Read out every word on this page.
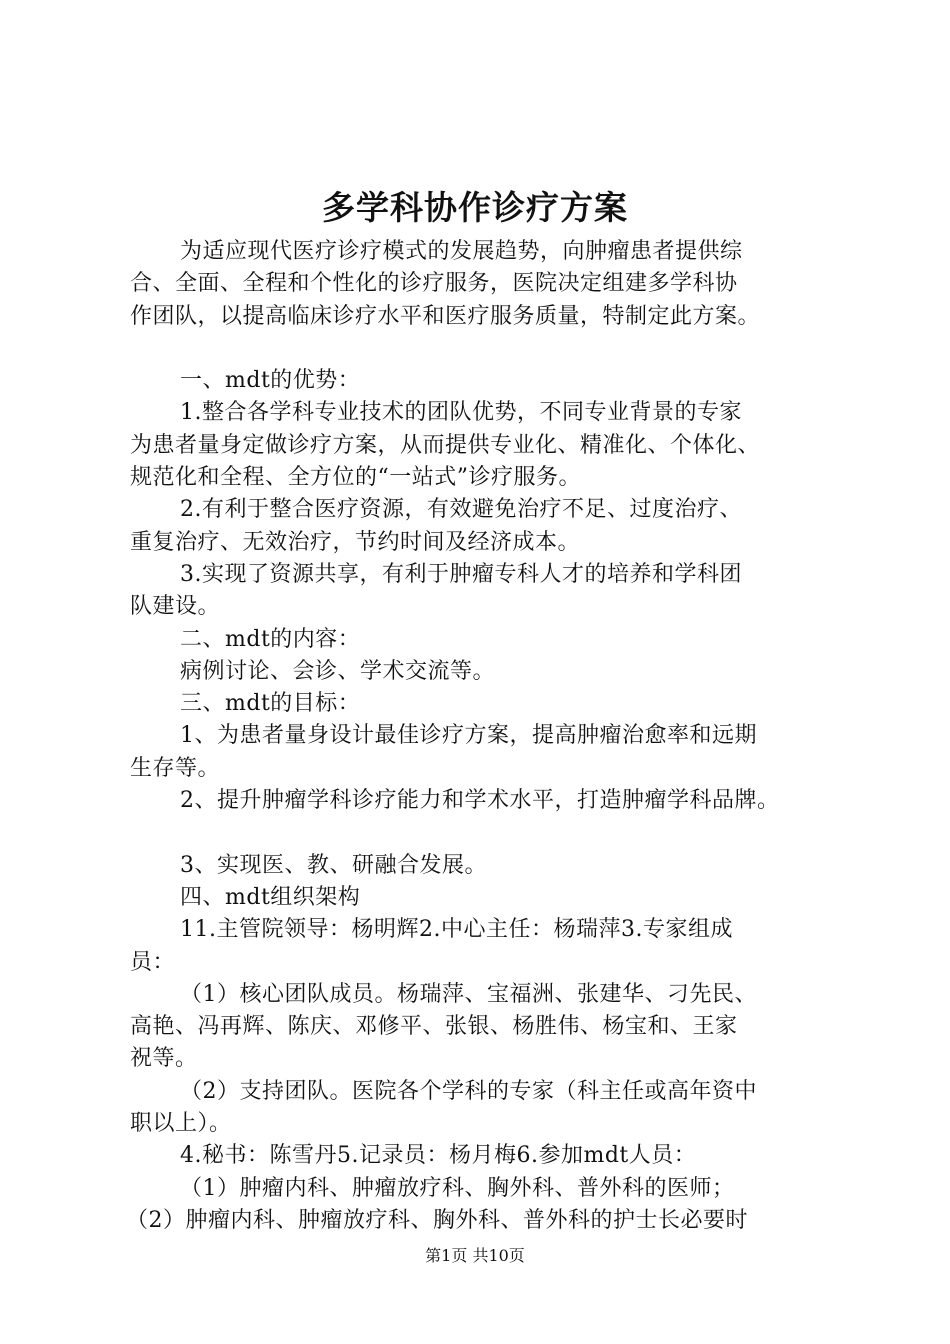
多学科协作诊疗方案
为适应现代医疗诊疗模式的发展趋势，向肿瘤患者提供综
合、全面、全程和个性化的诊疗服务，医院决定组建多学科协
作团队，以提高临床诊疗水平和医疗服务质量，特制定此方案。
一、mdt的优势：
1.整合各学科专业技术的团队优势，不同专业背景的专家
为患者量身定做诊疗方案，从而提供专业化、精准化、个体化、
规范化和全程、全方位的“一站式”诊疗服务。
2.有利于整合医疗资源，有效避免治疗不足、过度治疗、
重复治疗、无效治疗，节约时间及经济成本。
3.实现了资源共享，有利于肿瘤专科人才的培养和学科团
队建设。
二、mdt的内容：
病例讨论、会诊、学术交流等。
三、mdt的目标：
1、为患者量身设计最佳诊疗方案，提高肿瘤治愈率和远期
生存等。
2、提升肿瘤学科诊疗能力和学术水平，打造肿瘤学科品牌。
3、实现医、教、研融合发展。
四、mdt组织架构
11.主管院领导：杨明辉2.中心主任：杨瑞萍3.专家组成
员：
（1）核心团队成员。杨瑞萍、宝福洲、张建华、刁先民、
高艳、冯再辉、陈庆、邓修平、张银、杨胜伟、杨宝和、王家
祝等。
（2）支持团队。医院各个学科的专家（科主任或高年资中
职以上）。
4.秘书：陈雪丹5.记录员：杨月梅6.参加mdt人员：
（1）肿瘤内科、肿瘤放疗科、胸外科、普外科的医师；
（2）肿瘤内科、肿瘤放疗科、胸外科、普外科的护士长必要时
第1页 共10页
